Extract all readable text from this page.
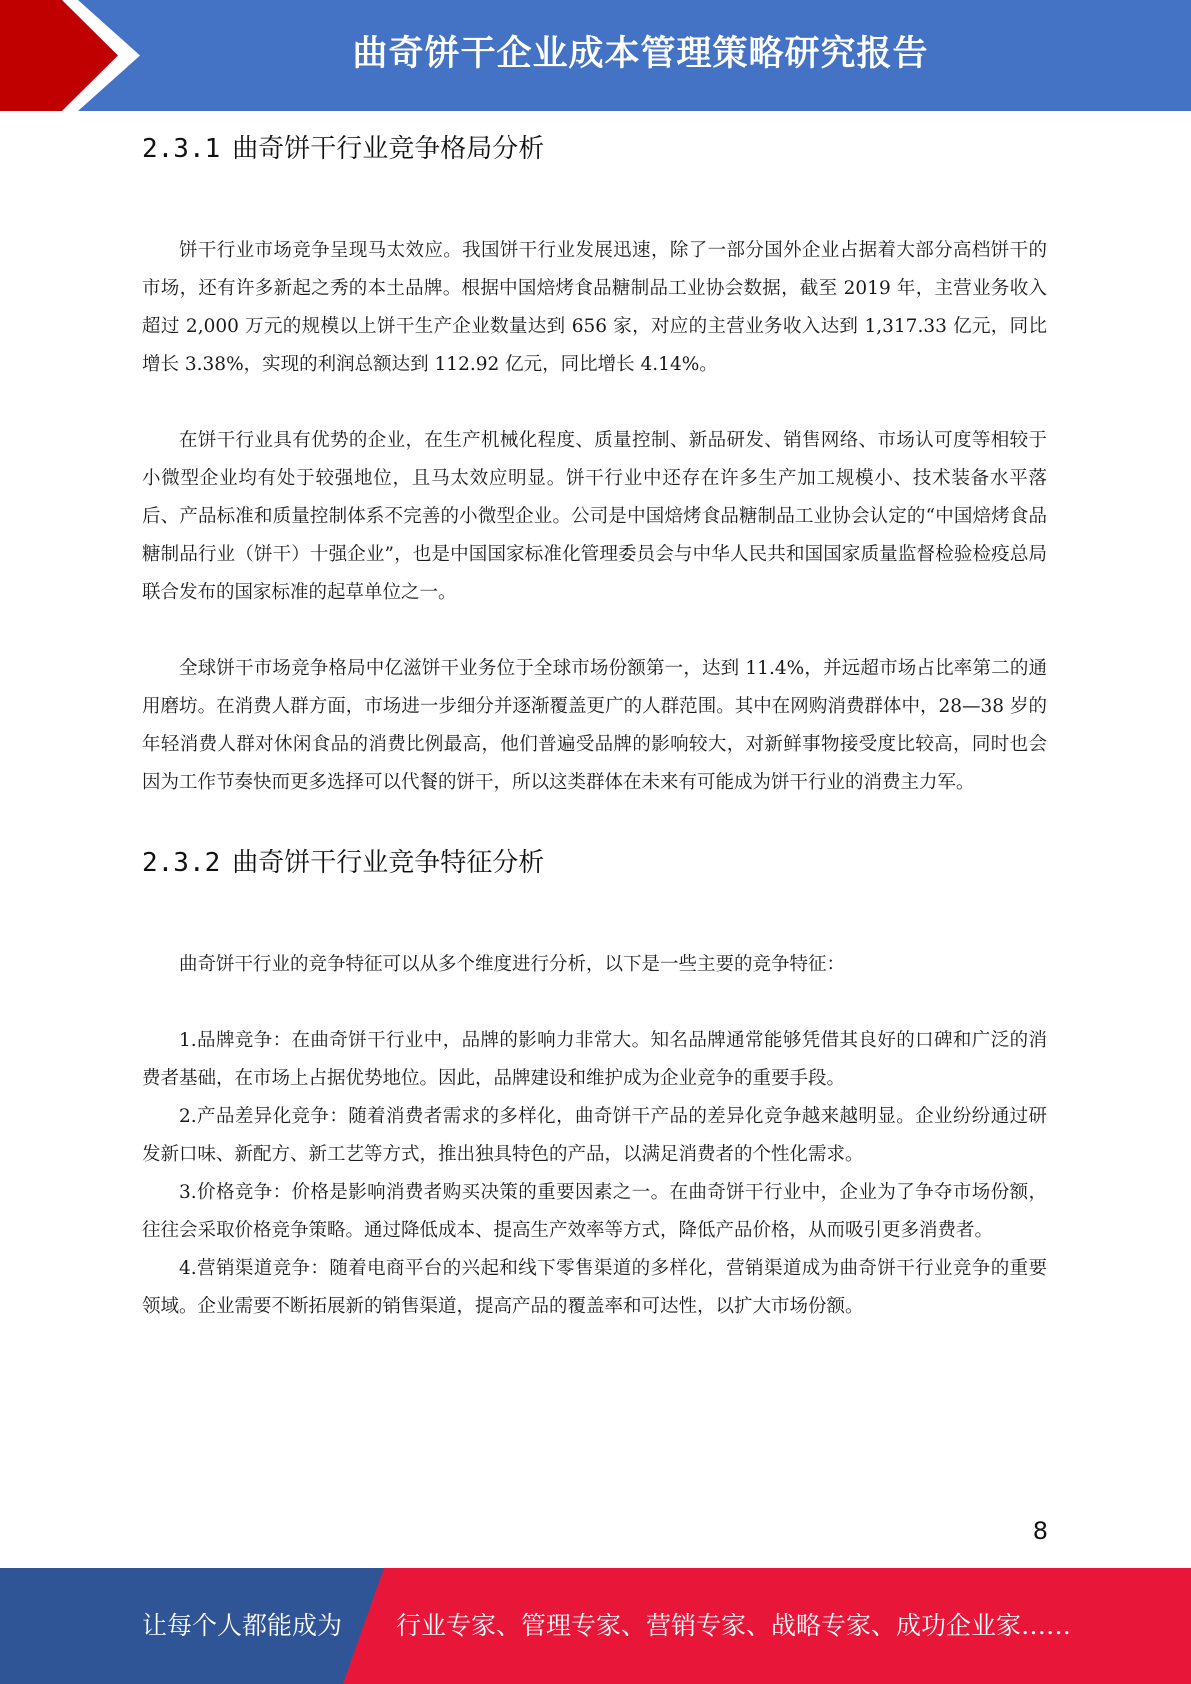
曲奇饼干企业成本管理策略研究报告
2.3.1 曲奇饼干行业竞争格局分析

饼干行业市场竞争呈现马太效应。我国饼干行业发展迅速，除了一部分国外企业占据着大部分高档饼干的市场，还有许多新起之秀的本土品牌。根据中国焙烤食品糖制品工业协会数据，截至 2019 年，主营业务收入超过 2,000 万元的规模以上饼干生产企业数量达到 656 家，对应的主营业务收入达到 1,317.33 亿元，同比增长 3.38%，实现的利润总额达到 112.92 亿元，同比增长 4.14%。

在饼干行业具有优势的企业，在生产机械化程度、质量控制、新品研发、销售网络、市场认可度等相较于小微型企业均有处于较强地位，且马太效应明显。饼干行业中还存在许多生产加工规模小、技术装备水平落后、产品标准和质量控制体系不完善的小微型企业。公司是中国焙烤食品糖制品工业协会认定的“中国焙烤食品糖制品行业（饼干）十强企业”，也是中国国家标准化管理委员会与中华人民共和国国家质量监督检验检疫总局联合发布的国家标准的起草单位之一。

全球饼干市场竞争格局中亿滋饼干业务位于全球市场份额第一，达到 11.4%，并远超市场占比率第二的通用磨坊。在消费人群方面，市场进一步细分并逐渐覆盖更广的人群范围。其中在网购消费群体中，28—38 岁的年轻消费人群对休闲食品的消费比例最高，他们普遍受品牌的影响较大，对新鲜事物接受度比较高，同时也会因为工作节奏快而更多选择可以代餐的饼干，所以这类群体在未来有可能成为饼干行业的消费主力军。

2.3.2 曲奇饼干行业竞争特征分析

曲奇饼干行业的竞争特征可以从多个维度进行分析，以下是一些主要的竞争特征：

1.品牌竞争：在曲奇饼干行业中，品牌的影响力非常大。知名品牌通常能够凭借其良好的口碑和广泛的消费者基础，在市场上占据优势地位。因此，品牌建设和维护成为企业竞争的重要手段。

2.产品差异化竞争：随着消费者需求的多样化，曲奇饼干产品的差异化竞争越来越明显。企业纷纷通过研发新口味、新配方、新工艺等方式，推出独具特色的产品，以满足消费者的个性化需求。

3.价格竞争：价格是影响消费者购买决策的重要因素之一。在曲奇饼干行业中，企业为了争夺市场份额，往往会采取价格竞争策略。通过降低成本、提高生产效率等方式，降低产品价格，从而吸引更多消费者。

4.营销渠道竞争：随着电商平台的兴起和线下零售渠道的多样化，营销渠道成为曲奇饼干行业竞争的重要领域。企业需要不断拓展新的销售渠道，提高产品的覆盖率和可达性，以扩大市场份额。

8
让每个人都能成为 行业专家、管理专家、营销专家、战略专家、成功企业家……
